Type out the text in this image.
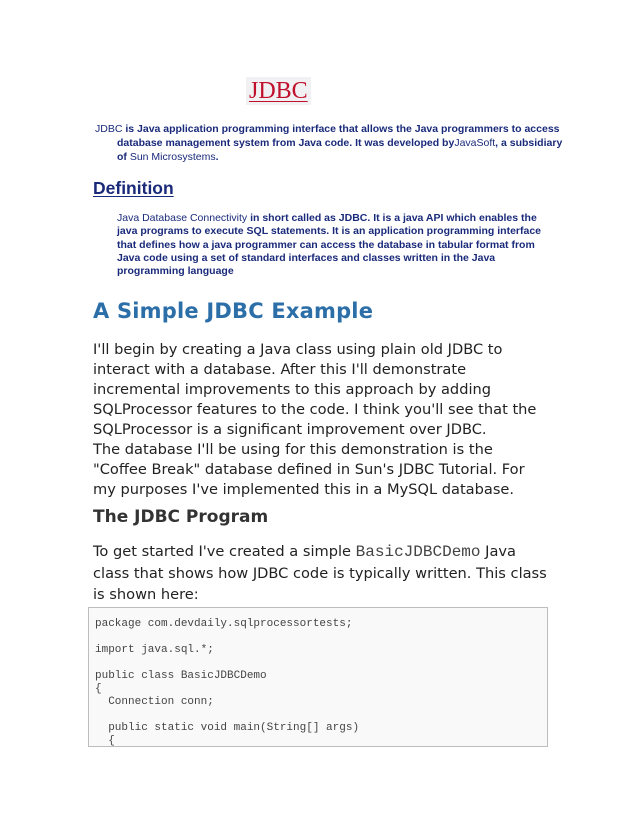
JDBC

JDBC is Java application programming interface that allows the Java programmers to access database management system from Java code. It was developed byJavaSoft, a subsidiary of Sun Microsystems.

Definition

Java Database Connectivity in short called as JDBC. It is a java API which enables the java programs to execute SQL statements. It is an application programming interface that defines how a java programmer can access the database in tabular format from Java code using a set of standard interfaces and classes written in the Java programming language

A Simple JDBC Example

I'll begin by creating a Java class using plain old JDBC to interact with a database. After this I'll demonstrate incremental improvements to this approach by adding SQLProcessor features to the code. I think you'll see that the SQLProcessor is a significant improvement over JDBC.

The database I'll be using for this demonstration is the "Coffee Break" database defined in Sun's JDBC Tutorial. For my purposes I've implemented this in a MySQL database.

The JDBC Program

To get started I've created a simple BasicJDBCDemo Java class that shows how JDBC code is typically written. This class is shown here:

package com.devdaily.sqlprocessortests;
import java.sql.*;
public class BasicJDBCDemo
{
Connection conn;
public static void main(String[] args)
{
